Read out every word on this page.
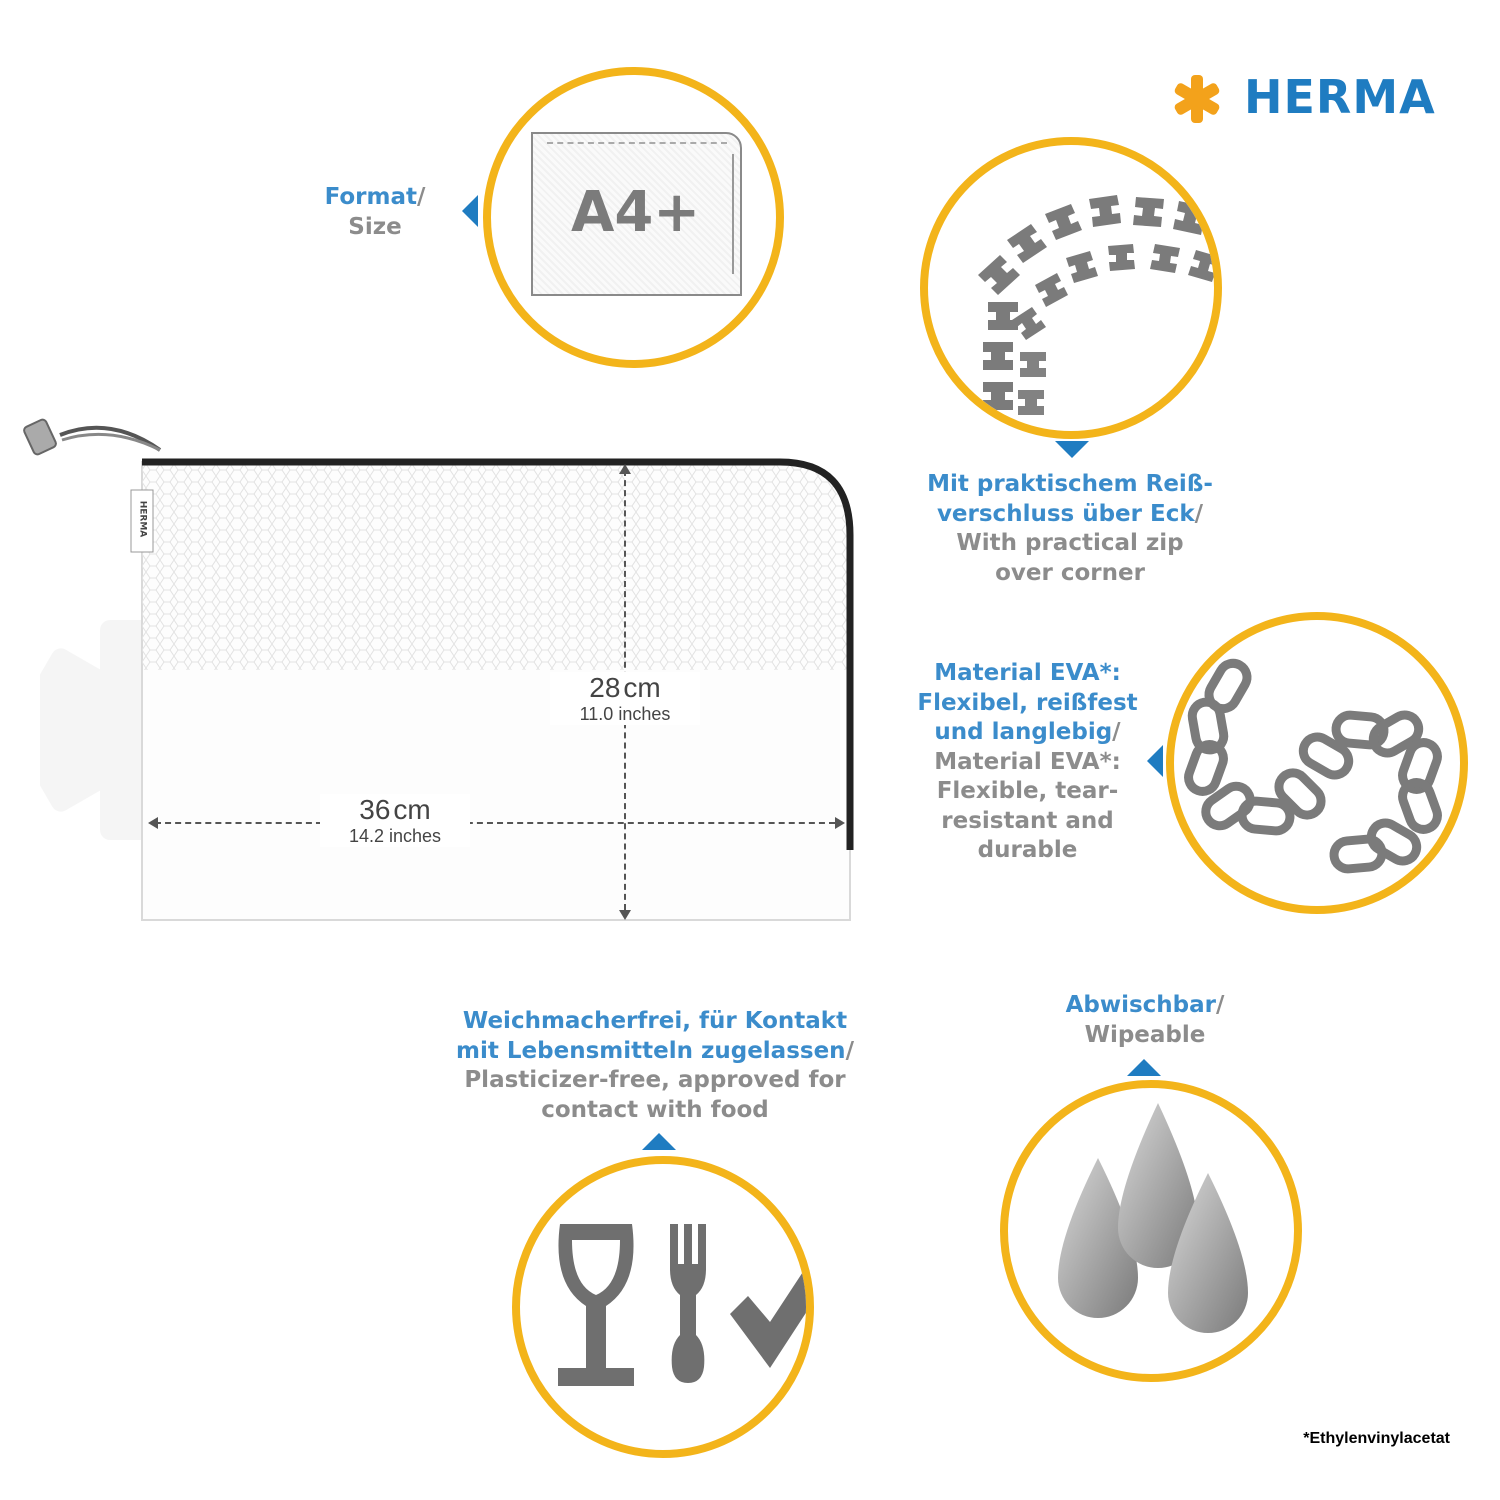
HERMA
Format/
Size	A4+
Mit praktischem Reiß-
verschluss über Eck/
With practical zip
over corner
Material EVA*:
Flexibel, reißfest
und langlebig/
Material EVA*:
Flexible, tear-
resistant and
durable
HERMA
28 cm
11.0 inches
36 cm
14.2 inches
Weichmacherfrei, für Kontakt
mit Lebensmitteln zugelassen/
Plasticizer-free, approved for
contact with food
Abwischbar/
Wipeable
*Ethylenvinylacetat
